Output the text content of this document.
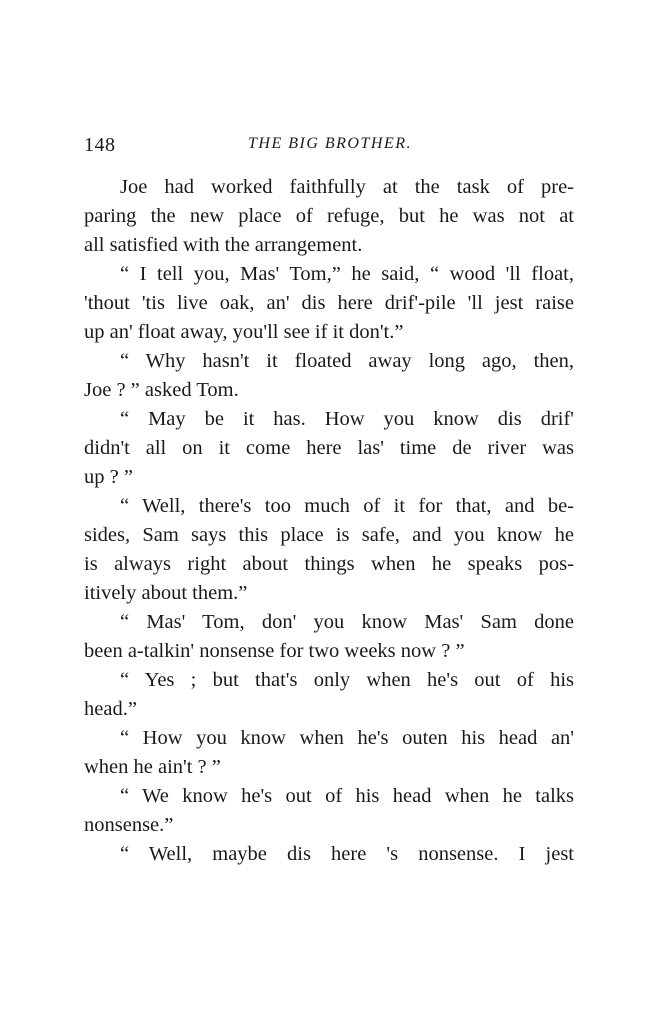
148	THE BIG BROTHER.
Joe had worked faithfully at the task of pre-
paring the new place of refuge, but he was not at
all satisfied with the arrangement.
“ I tell you, Mas' Tom,” he said, “ wood 'll float,
'thout 'tis live oak, an' dis here drif'-pile 'll jest raise
up an' float away, you'll see if it don't.”
“ Why hasn't it floated away long ago, then,
Joe ? ” asked Tom.
“ May be it has. How you know dis drif'
didn't all on it come here las' time de river was
up ? ”
“ Well, there's too much of it for that, and be-
sides, Sam says this place is safe, and you know he
is always right about things when he speaks pos-
itively about them.”
“ Mas' Tom, don' you know Mas' Sam done
been a-talkin' nonsense for two weeks now ? ”
“ Yes ; but that's only when he's out of his
head.”
“ How you know when he's outen his head an'
when he ain't ? ”
“ We know he's out of his head when he talks
nonsense.”
“ Well, maybe dis here 's nonsense. I jest
